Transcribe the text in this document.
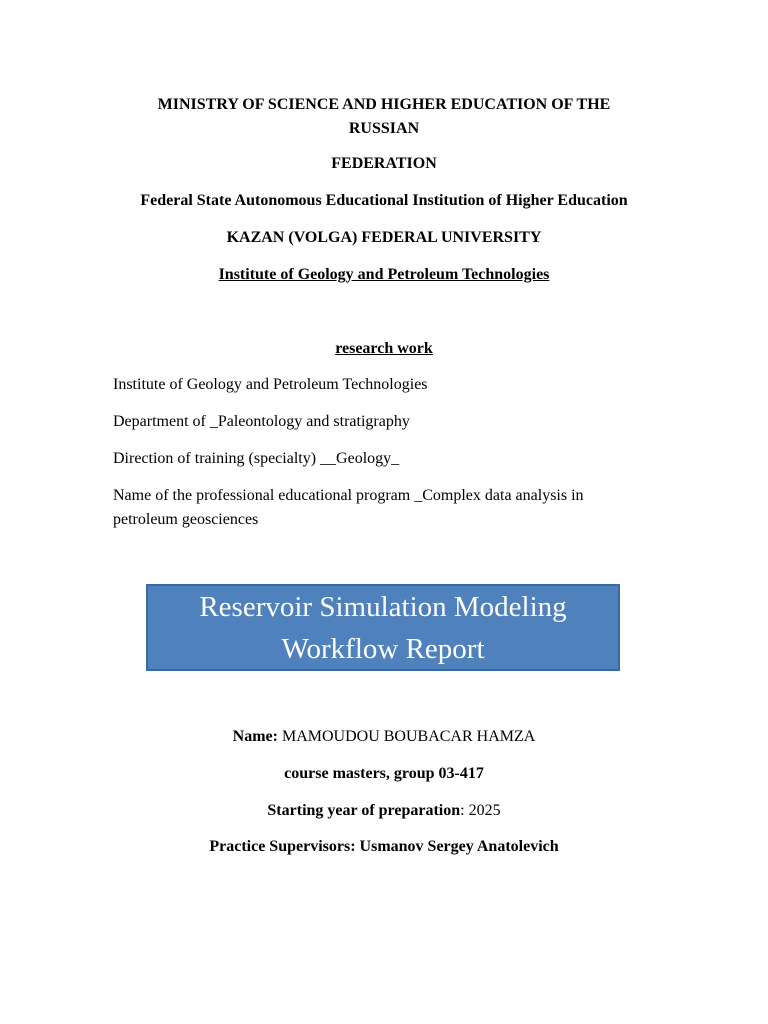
MINISTRY OF SCIENCE AND HIGHER EDUCATION OF THE
RUSSIAN
FEDERATION
Federal State Autonomous Educational Institution of Higher Education
KAZAN (VOLGA) FEDERAL UNIVERSITY
Institute of Geology and Petroleum Technologies
research work
Institute of Geology and Petroleum Technologies
Department of _Paleontology and stratigraphy
Direction of training (specialty) __Geology_
Name of the professional educational program _Complex data analysis in
petroleum geosciences
Reservoir Simulation Modeling
Workflow Report
Name: MAMOUDOU BOUBACAR HAMZA
course masters, group 03-417
Starting year of preparation: 2025
Practice Supervisors: Usmanov Sergey Anatolevich
